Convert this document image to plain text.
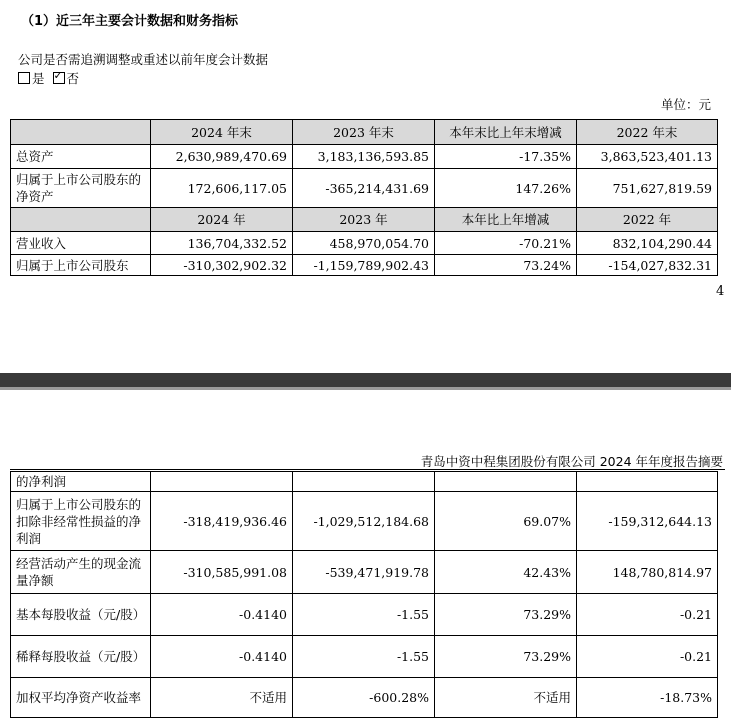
（1）近三年主要会计数据和财务指标
公司是否需追溯调整或重述以前年度会计数据
是 ✓ 否
单位：元
	2024 年末	2023 年末	本年末比上年末增减	2022 年末
总资产	2,630,989,470.69	3,183,136,593.85	-17.35%	3,863,523,401.13
归属于上市公司股东的净资产	172,606,117.05	-365,214,431.69	147.26%	751,627,819.59
	2024 年	2023 年	本年比上年增减	2022 年
营业收入	136,704,332.52	458,970,054.70	-70.21%	832,104,290.44
归属于上市公司股东	-310,302,902.32	-1,159,789,902.43	73.24%	-154,027,832.31
4
青岛中资中程集团股份有限公司 2024 年年度报告摘要
的净利润				
归属于上市公司股东的扣除非经常性损益的净利润	-318,419,936.46	-1,029,512,184.68	69.07%	-159,312,644.13
经营活动产生的现金流量净额	-310,585,991.08	-539,471,919.78	42.43%	148,780,814.97
基本每股收益（元/股）	-0.4140	-1.55	73.29%	-0.21
稀释每股收益（元/股）	-0.4140	-1.55	73.29%	-0.21
加权平均净资产收益率	不适用	-600.28%	不适用	-18.73%
